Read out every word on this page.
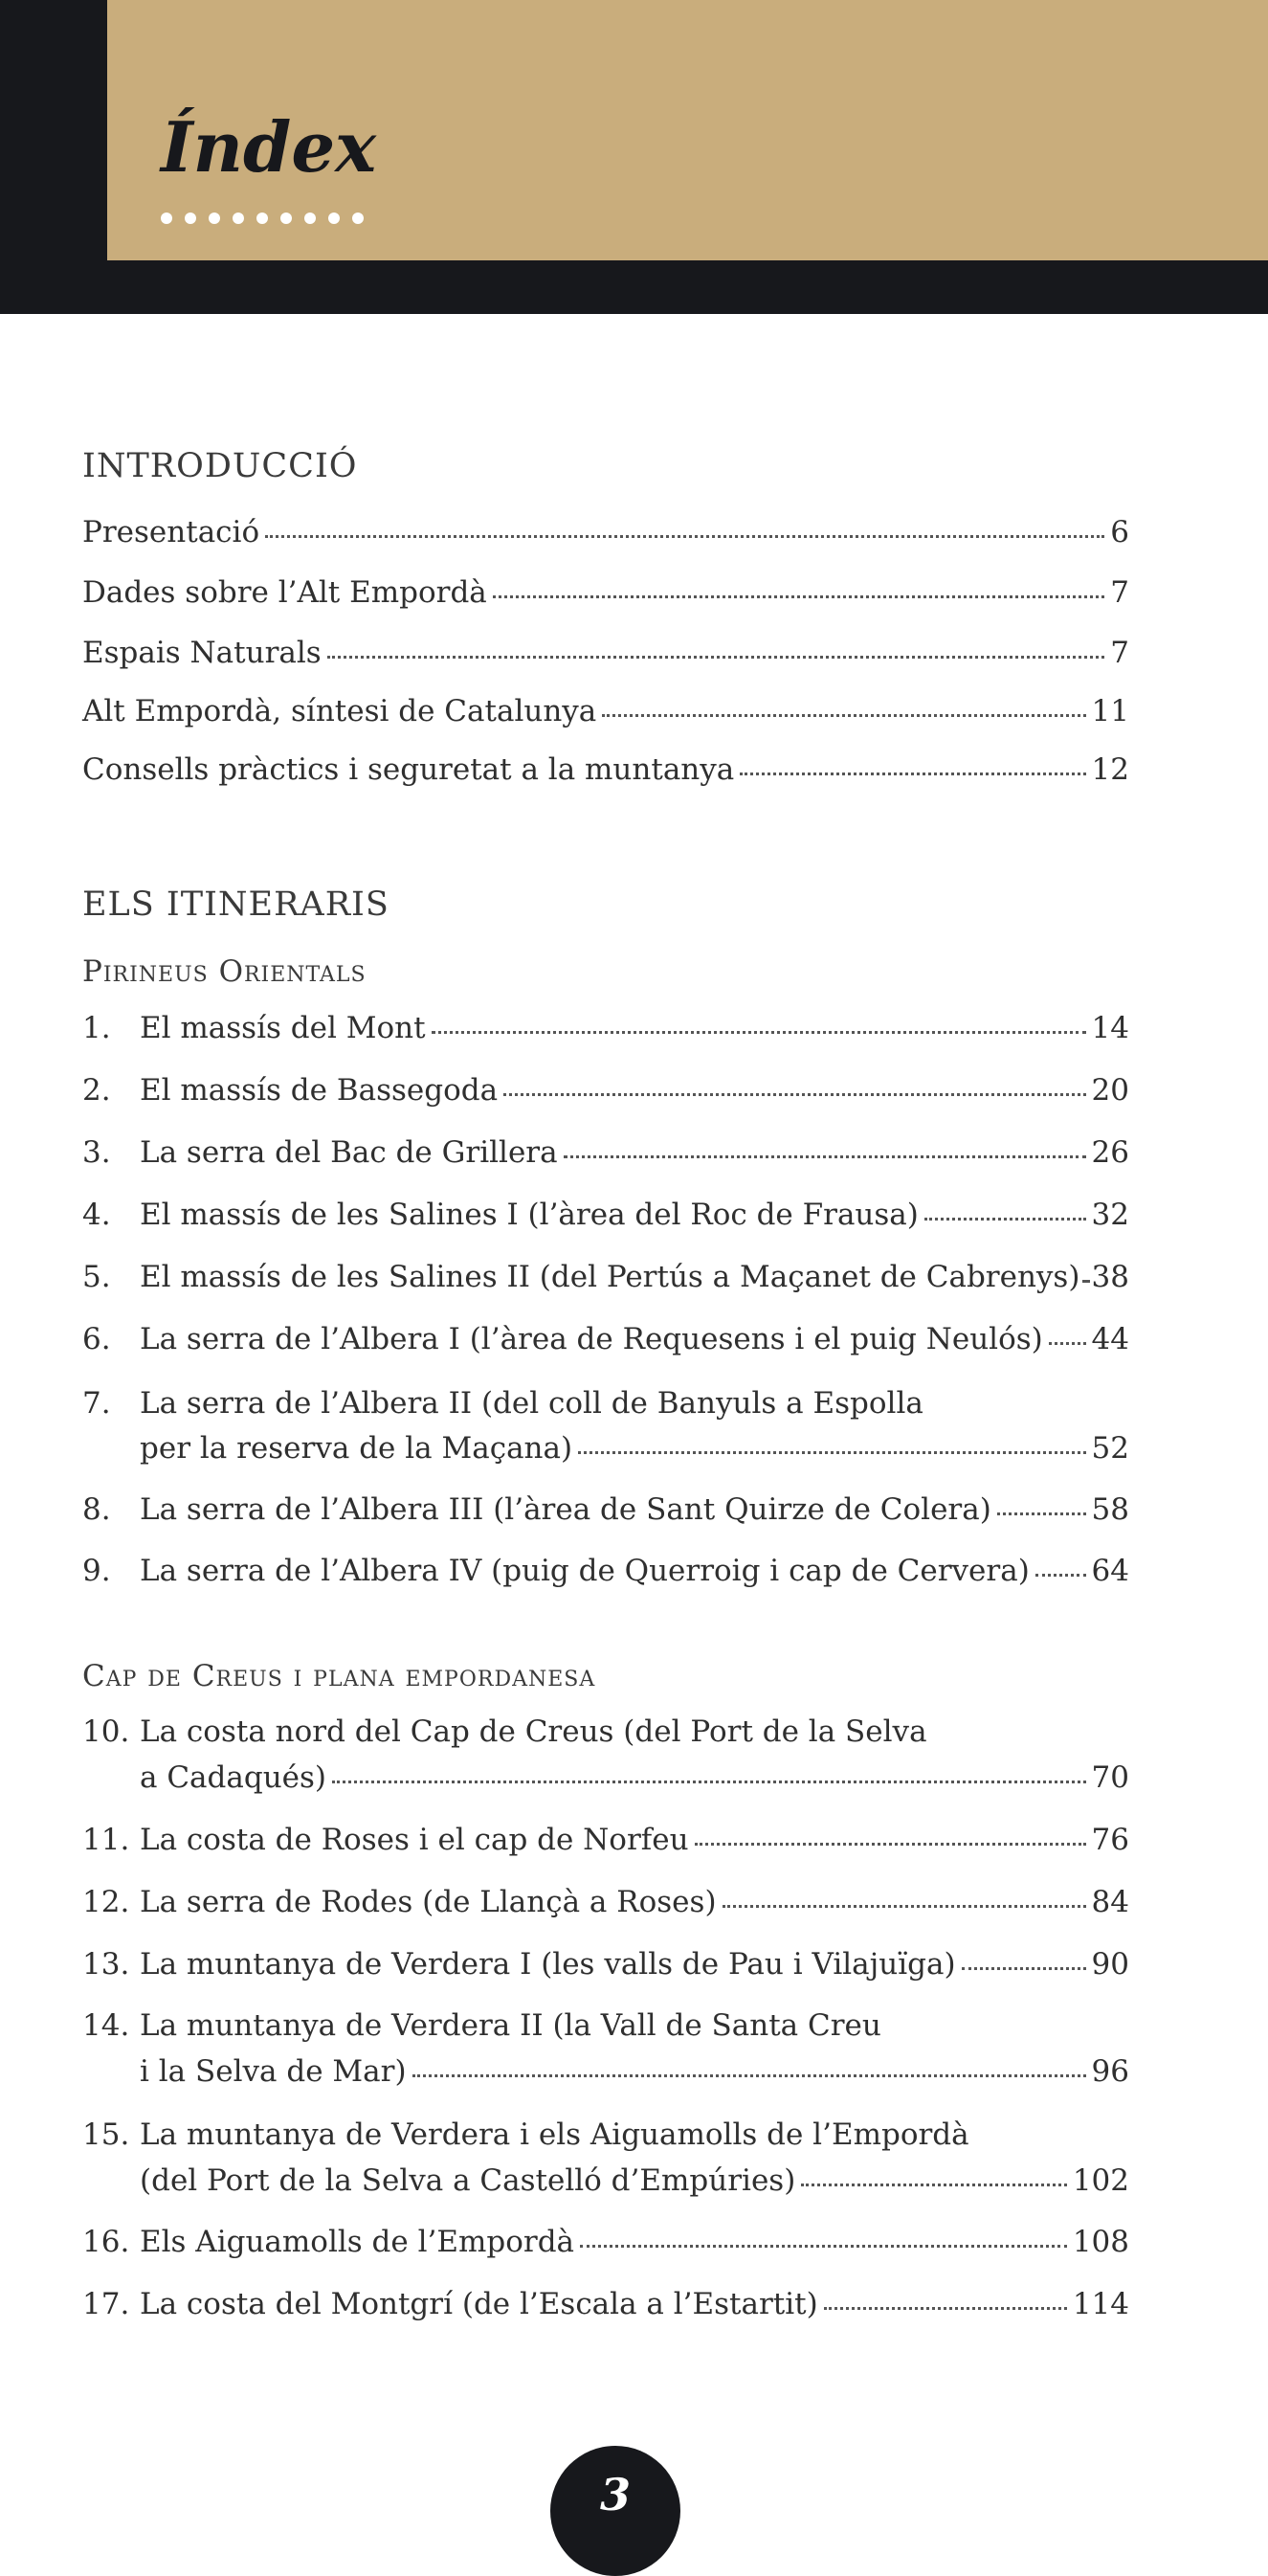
Índex
INTRODUCCIÓ
Presentació	6
Dades sobre l’Alt Empordà	7
Espais Naturals	7
Alt Empordà, síntesi de Catalunya	11
Consells pràctics i seguretat a la muntanya	12
ELS ITINERARIS
Pirineus Orientals
1. El massís del Mont	14
2. El massís de Bassegoda	20
3. La serra del Bac de Grillera	26
4. El massís de les Salines I (l’àrea del Roc de Frausa)	32
5. El massís de les Salines II (del Pertús a Maçanet de Cabrenys) 38
6. La serra de l’Albera I (l’àrea de Requesens i el puig Neulós) 44
7. La serra de l’Albera II (del coll de Banyuls a Espolla
per la reserva de la Maçana)	52
8. La serra de l’Albera III (l’àrea de Sant Quirze de Colera)	58
9. La serra de l’Albera IV (puig de Querroig i cap de Cervera) 64
Cap de Creus i plana empordanesa
10. La costa nord del Cap de Creus (del Port de la Selva
a Cadaqués)	70
11. La costa de Roses i el cap de Norfeu	76
12. La serra de Rodes (de Llançà a Roses)	84
13. La muntanya de Verdera I (les valls de Pau i Vilajuïga)	90
14. La muntanya de Verdera II (la Vall de Santa Creu
i la Selva de Mar)	96
15. La muntanya de Verdera i els Aiguamolls de l’Empordà
(del Port de la Selva a Castelló d’Empúries)	102
16. Els Aiguamolls de l’Empordà	108
17. La costa del Montgrí (de l’Escala a l’Estartit)	114
3
